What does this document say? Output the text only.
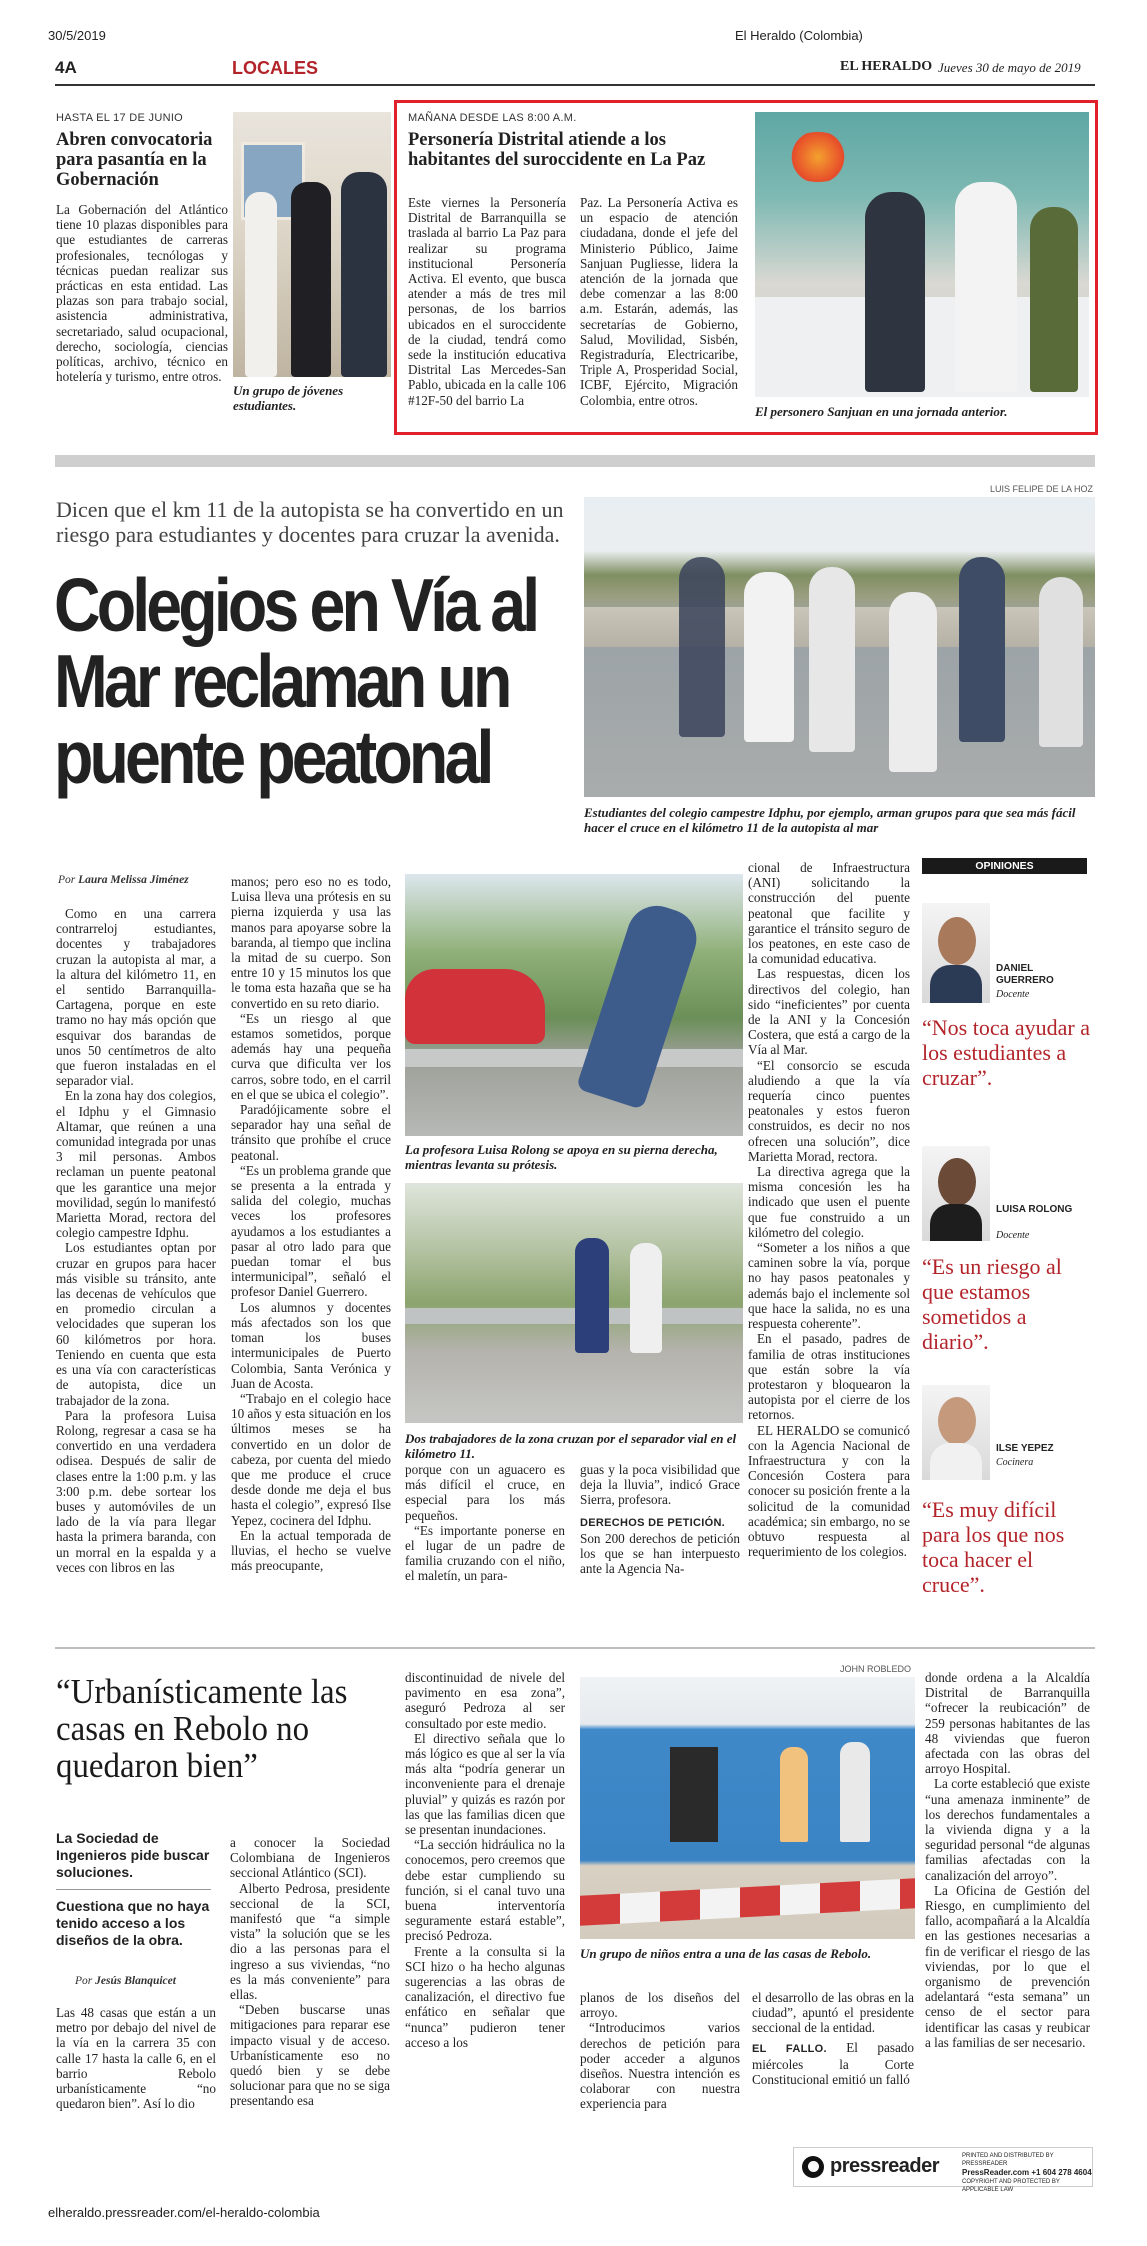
30/5/2019	El Heraldo (Colombia)
4A	LOCALES	EL HERALDO Jueves 30 de mayo de 2019
HASTA EL 17 DE JUNIO
Abren convocatoria para pasantía en la Gobernación
La Gobernación del Atlántico tiene 10 plazas disponibles para que estudiantes de carreras profesionales, tecnólogas y técnicas puedan realizar sus prácticas en esta entidad. Las plazas son para trabajo social, asistencia administrativa, secretariado, salud ocupacional, derecho, sociología, ciencias políticas, archivo, técnico en hotelería y turismo, entre otros.
Un grupo de jóvenes estudiantes.
MAÑANA DESDE LAS 8:00 A.M.
Personería Distrital atiende a los habitantes del suroccidente en La Paz
Este viernes la Personería Distrital de Barranquilla se traslada al barrio La Paz para realizar su programa institucional Personería Activa. El evento, que busca atender a más de tres mil personas, de los barrios ubicados en el suroccidente de la ciudad, tendrá como sede la institución educativa Distrital Las Mercedes-San Pablo, ubicada en la calle 106 #12F-50 del barrio La
Paz. La Personería Activa es un espacio de atención ciudadana, donde el jefe del Ministerio Público, Jaime Sanjuan Pugliesse, lidera la atención de la jornada que debe comenzar a las 8:00 a.m. Estarán, además, las secretarías de Gobierno, Salud, Movilidad, Sisbén, Registraduría, Electricaribe, Triple A, Prosperidad Social, ICBF, Ejército, Migración Colombia, entre otros.
El personero Sanjuan en una jornada anterior.
Dicen que el km 11 de la autopista se ha convertido en un riesgo para estudiantes y docentes para cruzar la avenida.
Colegios en Vía al Mar reclaman un puente peatonal
LUIS FELIPE DE LA HOZ
Estudiantes del colegio campestre Idphu, por ejemplo, arman grupos para que sea más fácil hacer el cruce en el kilómetro 11 de la autopista al mar
Por Laura Melissa Jiménez

Como en una carrera contrarreloj estudiantes, docentes y trabajadores cruzan la autopista al mar, a la altura del kilómetro 11, en el sentido Barranquilla-Cartagena, porque en este tramo no hay más opción que esquivar dos barandas de unos 50 centímetros de alto que fueron instaladas en el separador vial.

En la zona hay dos colegios, el Idphu y el Gimnasio Altamar, que reúnen a una comunidad integrada por unas 3 mil personas. Ambos reclaman un puente peatonal que les garantice una mejor movilidad, según lo manifestó Marietta Morad, rectora del colegio campestre Idphu.

Los estudiantes optan por cruzar en grupos para hacer más visible su tránsito, ante las decenas de vehículos que en promedio circulan a velocidades que superan los 60 kilómetros por hora. Teniendo en cuenta que esta es una vía con características de autopista, dice un trabajador de la zona.

Para la profesora Luisa Rolong, regresar a casa se ha convertido en una verdadera odisea. Después de salir de clases entre la 1:00 p.m. y las 3:00 p.m. debe sortear los buses y automóviles de un lado de la vía para llegar hasta la primera baranda, con un morral en la espalda y a veces con libros en las

manos; pero eso no es todo, Luisa lleva una prótesis en su pierna izquierda y usa las manos para apoyarse sobre la baranda, al tiempo que inclina la mitad de su cuerpo. Son entre 10 y 15 minutos los que le toma esta hazaña que se ha convertido en su reto diario.

“Es un riesgo al que estamos sometidos, porque además hay una pequeña curva que dificulta ver los carros, sobre todo, en el carril en el que se ubica el colegio”.

Paradójicamente sobre el separador hay una señal de tránsito que prohíbe el cruce peatonal.

“Es un problema grande que se presenta a la entrada y salida del colegio, muchas veces los profesores ayudamos a los estudiantes a pasar al otro lado para que puedan tomar el bus intermunicipal”, señaló el profesor Daniel Guerrero.

Los alumnos y docentes más afectados son los que toman los buses intermunicipales de Puerto Colombia, Santa Verónica y Juan de Acosta.

“Trabajo en el colegio hace 10 años y esta situación en los últimos meses se ha convertido en un dolor de cabeza, por cuenta del miedo que me produce el cruce desde donde me deja el bus hasta el colegio”, expresó Ilse Yepez, cocinera del Idphu.

En la actual temporada de lluvias, el hecho se vuelve más preocupante,

La profesora Luisa Rolong se apoya en su pierna derecha, mientras levanta su prótesis.
Dos trabajadores de la zona cruzan por el separador vial en el kilómetro 11.

porque con un aguacero es más difícil el cruce, en especial para los más pequeños.

“Es importante ponerse en el lugar de un padre de familia cruzando con el niño, el maletín, un para-

guas y la poca visibilidad que deja la lluvia”, indicó Grace Sierra, profesora.

DERECHOS DE PETICIÓN.

Son 200 derechos de petición los que se han interpuesto ante la Agencia Na-

cional de Infraestructura (ANI) solicitando la construcción del puente peatonal que facilite y garantice el tránsito seguro de los peatones, en este caso de la comunidad educativa.

Las respuestas, dicen los directivos del colegio, han sido “ineficientes” por cuenta de la ANI y la Concesión Costera, que está a cargo de la Vía al Mar.

“El consorcio se escuda aludiendo a que la vía requería cinco puentes peatonales y estos fueron construidos, es decir no nos ofrecen una solución”, dice Marietta Morad, rectora.

La directiva agrega que la misma concesión les ha indicado que usen el puente que fue construido a un kilómetro del colegio.

“Someter a los niños a que caminen sobre la vía, porque no hay pasos peatonales y además bajo el inclemente sol que hace la salida, no es una respuesta coherente”.

En el pasado, padres de familia de otras instituciones que están sobre la vía protestaron y bloquearon la autopista por el cierre de los retornos.

EL HERALDO se comunicó con la Agencia Nacional de Infraestructura y con la Concesión Costera para conocer su posición frente a la solicitud de la comunidad académica; sin embargo, no se obtuvo respuesta al requerimiento de los colegios.

OPINIONES
DANIEL GUERRERO
Docente
“Nos toca ayudar a los estudiantes a cruzar”.
LUISA ROLONG
Docente
“Es un riesgo al que estamos sometidos a diario”.
ILSE YEPEZ
Cocinera
“Es muy difícil para los que nos toca hacer el cruce”.
“Urbanísticamente las casas en Rebolo no quedaron bien”
La Sociedad de Ingenieros pide buscar soluciones.
Cuestiona que no haya tenido acceso a los diseños de la obra.
Por Jesús Blanquicet
Las 48 casas que están a un metro por debajo del nivel de la vía en la carrera 35 con calle 17 hasta la calle 6, en el barrio Rebolo urbanísticamente “no quedaron bien”. Así lo dio

a conocer la Sociedad Colombiana de Ingenieros seccional Atlántico (SCI).

Alberto Pedrosa, presidente seccional de la SCI, manifestó que “a simple vista” la solución que se les dio a las personas para el ingreso a sus viviendas, “no es la más conveniente” para ellas.

“Deben buscarse unas mitigaciones para reparar ese impacto visual y de acceso. Urbanísticamente eso no quedó bien y se debe solucionar para que no se siga presentando esa

discontinuidad de nivele del pavimento en esa zona”, aseguró Pedroza al ser consultado por este medio.

El directivo señala que lo más lógico es que al ser la vía más alta “podría generar un inconveniente para el drenaje pluvial” y quizás es razón por las que las familias dicen que se presentan inundaciones.

“La sección hidráulica no la conocemos, pero creemos que debe estar cumpliendo su función, si el canal tuvo una buena interventoría seguramente estará estable”, precisó Pedroza.

Frente a la consulta si la SCI hizo o ha hecho algunas sugerencias a las obras de canalización, el directivo fue enfático en señalar que “nunca” pudieron tener acceso a los

JOHN ROBLEDO
Un grupo de niños entra a una de las casas de Rebolo.

planos de los diseños del arroyo.

“Introducimos varios derechos de petición para poder acceder a algunos diseños. Nuestra intención es colaborar con nuestra experiencia para

el desarrollo de las obras en la ciudad”, apuntó el presidente seccional de la entidad.

EL FALLO. El pasado miércoles la Corte Constitucional emitió un falló

donde ordena a la Alcaldía Distrital de Barranquilla “ofrecer la reubicación” de 259 personas habitantes de las 48 viviendas que fueron afectada con las obras del arroyo Hospital.

La corte estableció que existe “una amenaza inminente” de los derechos fundamentales a la vivienda digna y a la seguridad personal “de algunas familias afectadas con la canalización del arroyo”.

La Oficina de Gestión del Riesgo, en cumplimiento del fallo, acompañará a la Alcaldía en las gestiones necesarias a fin de verificar el riesgo de las viviendas, por lo que el organismo de prevención adelantará “esta semana” un censo de el sector para identificar las casas y reubicar a las familias de ser necesario.

pressreader	PRINTED AND DISTRIBUTED BY PRESSREADER
PressReader.com +1 604 278 4604
COPYRIGHT AND PROTECTED BY APPLICABLE LAW
elheraldo.pressreader.com/el-heraldo-colombia
